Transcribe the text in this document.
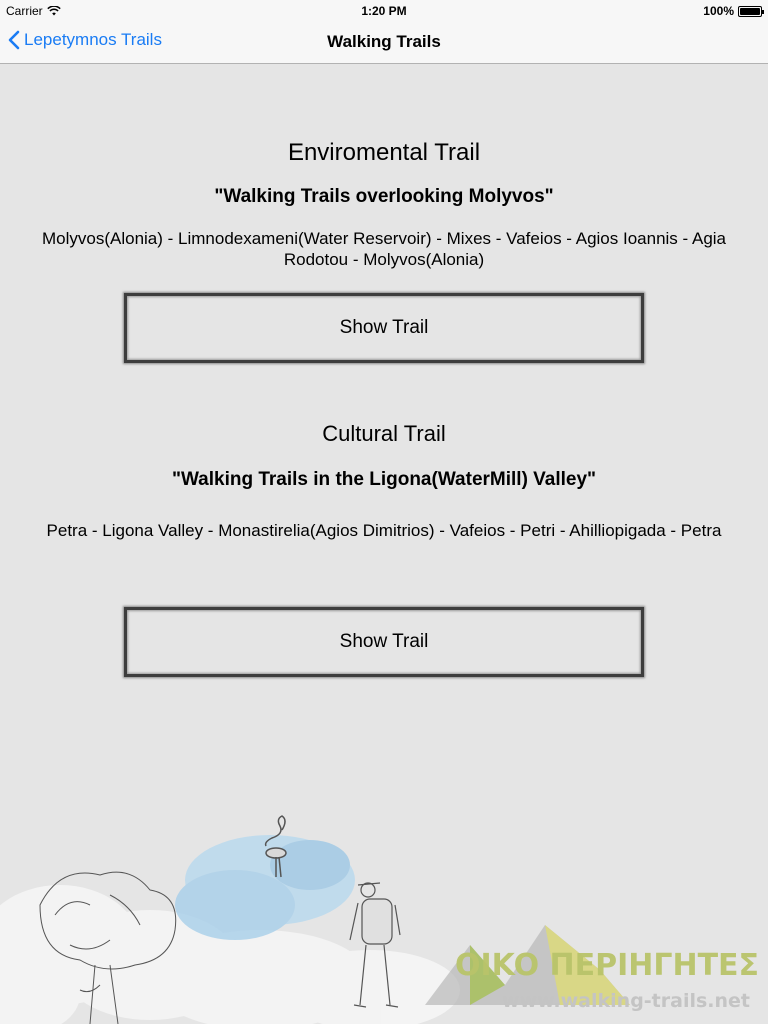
Carrier	1:20 PM	100%
Lepetymnos Trails	Walking Trails
Enviromental Trail
"Walking Trails overlooking Molyvos"
Molyvos(Alonia) - Limnodexameni(Water Reservoir) - Mixes - Vafeios - Agios Ioannis - Agia Rodotou - Molyvos(Alonia)
Show Trail
Cultural Trail
"Walking Trails in the Ligona(WaterMill) Valley"
Petra - Ligona Valley - Monastirelia(Agios Dimitrios) - Vafeios - Petri - Ahilliopigada - Petra
Show Trail
OIKO ΠΕΡΙΗΓΗΤΕΣ
www.walking-trails.net
